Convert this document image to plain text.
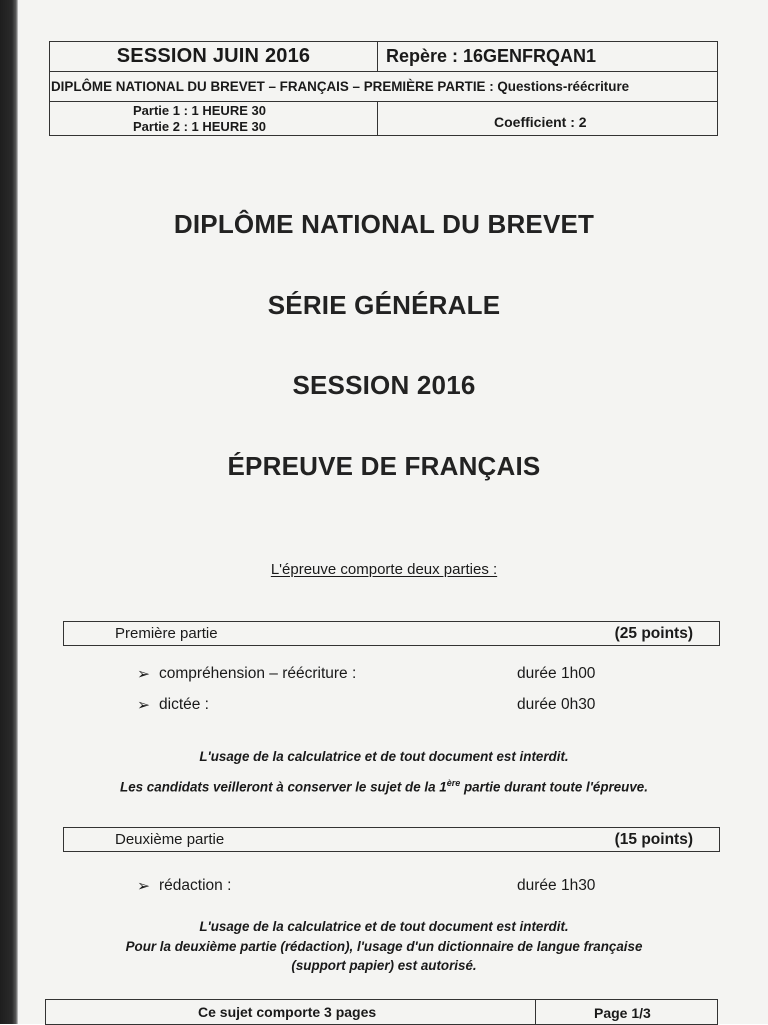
SESSION JUIN 2016	Repère : 16GENFRQAN1
DIPLÔME NATIONAL DU BREVET – FRANÇAIS – PREMIÈRE PARTIE : Questions-réécriture
Partie 1 : 1 HEURE 30
Partie 2 : 1 HEURE 30	Coefficient : 2
DIPLÔME NATIONAL DU BREVET
SÉRIE GÉNÉRALE
SESSION 2016
ÉPREUVE DE FRANÇAIS
L'épreuve comporte deux parties :
Première partie	(25 points)
➢ compréhension – réécriture :	durée 1h00
➢ dictée :	durée 0h30
L'usage de la calculatrice et de tout document est interdit.
Les candidats veilleront à conserver le sujet de la 1ère partie durant toute l'épreuve.
Deuxième partie	(15 points)
➢ rédaction :	durée 1h30
L'usage de la calculatrice et de tout document est interdit.
Pour la deuxième partie (rédaction), l'usage d'un dictionnaire de langue française
(support papier) est autorisé.
Ce sujet comporte 3 pages	Page 1/3
